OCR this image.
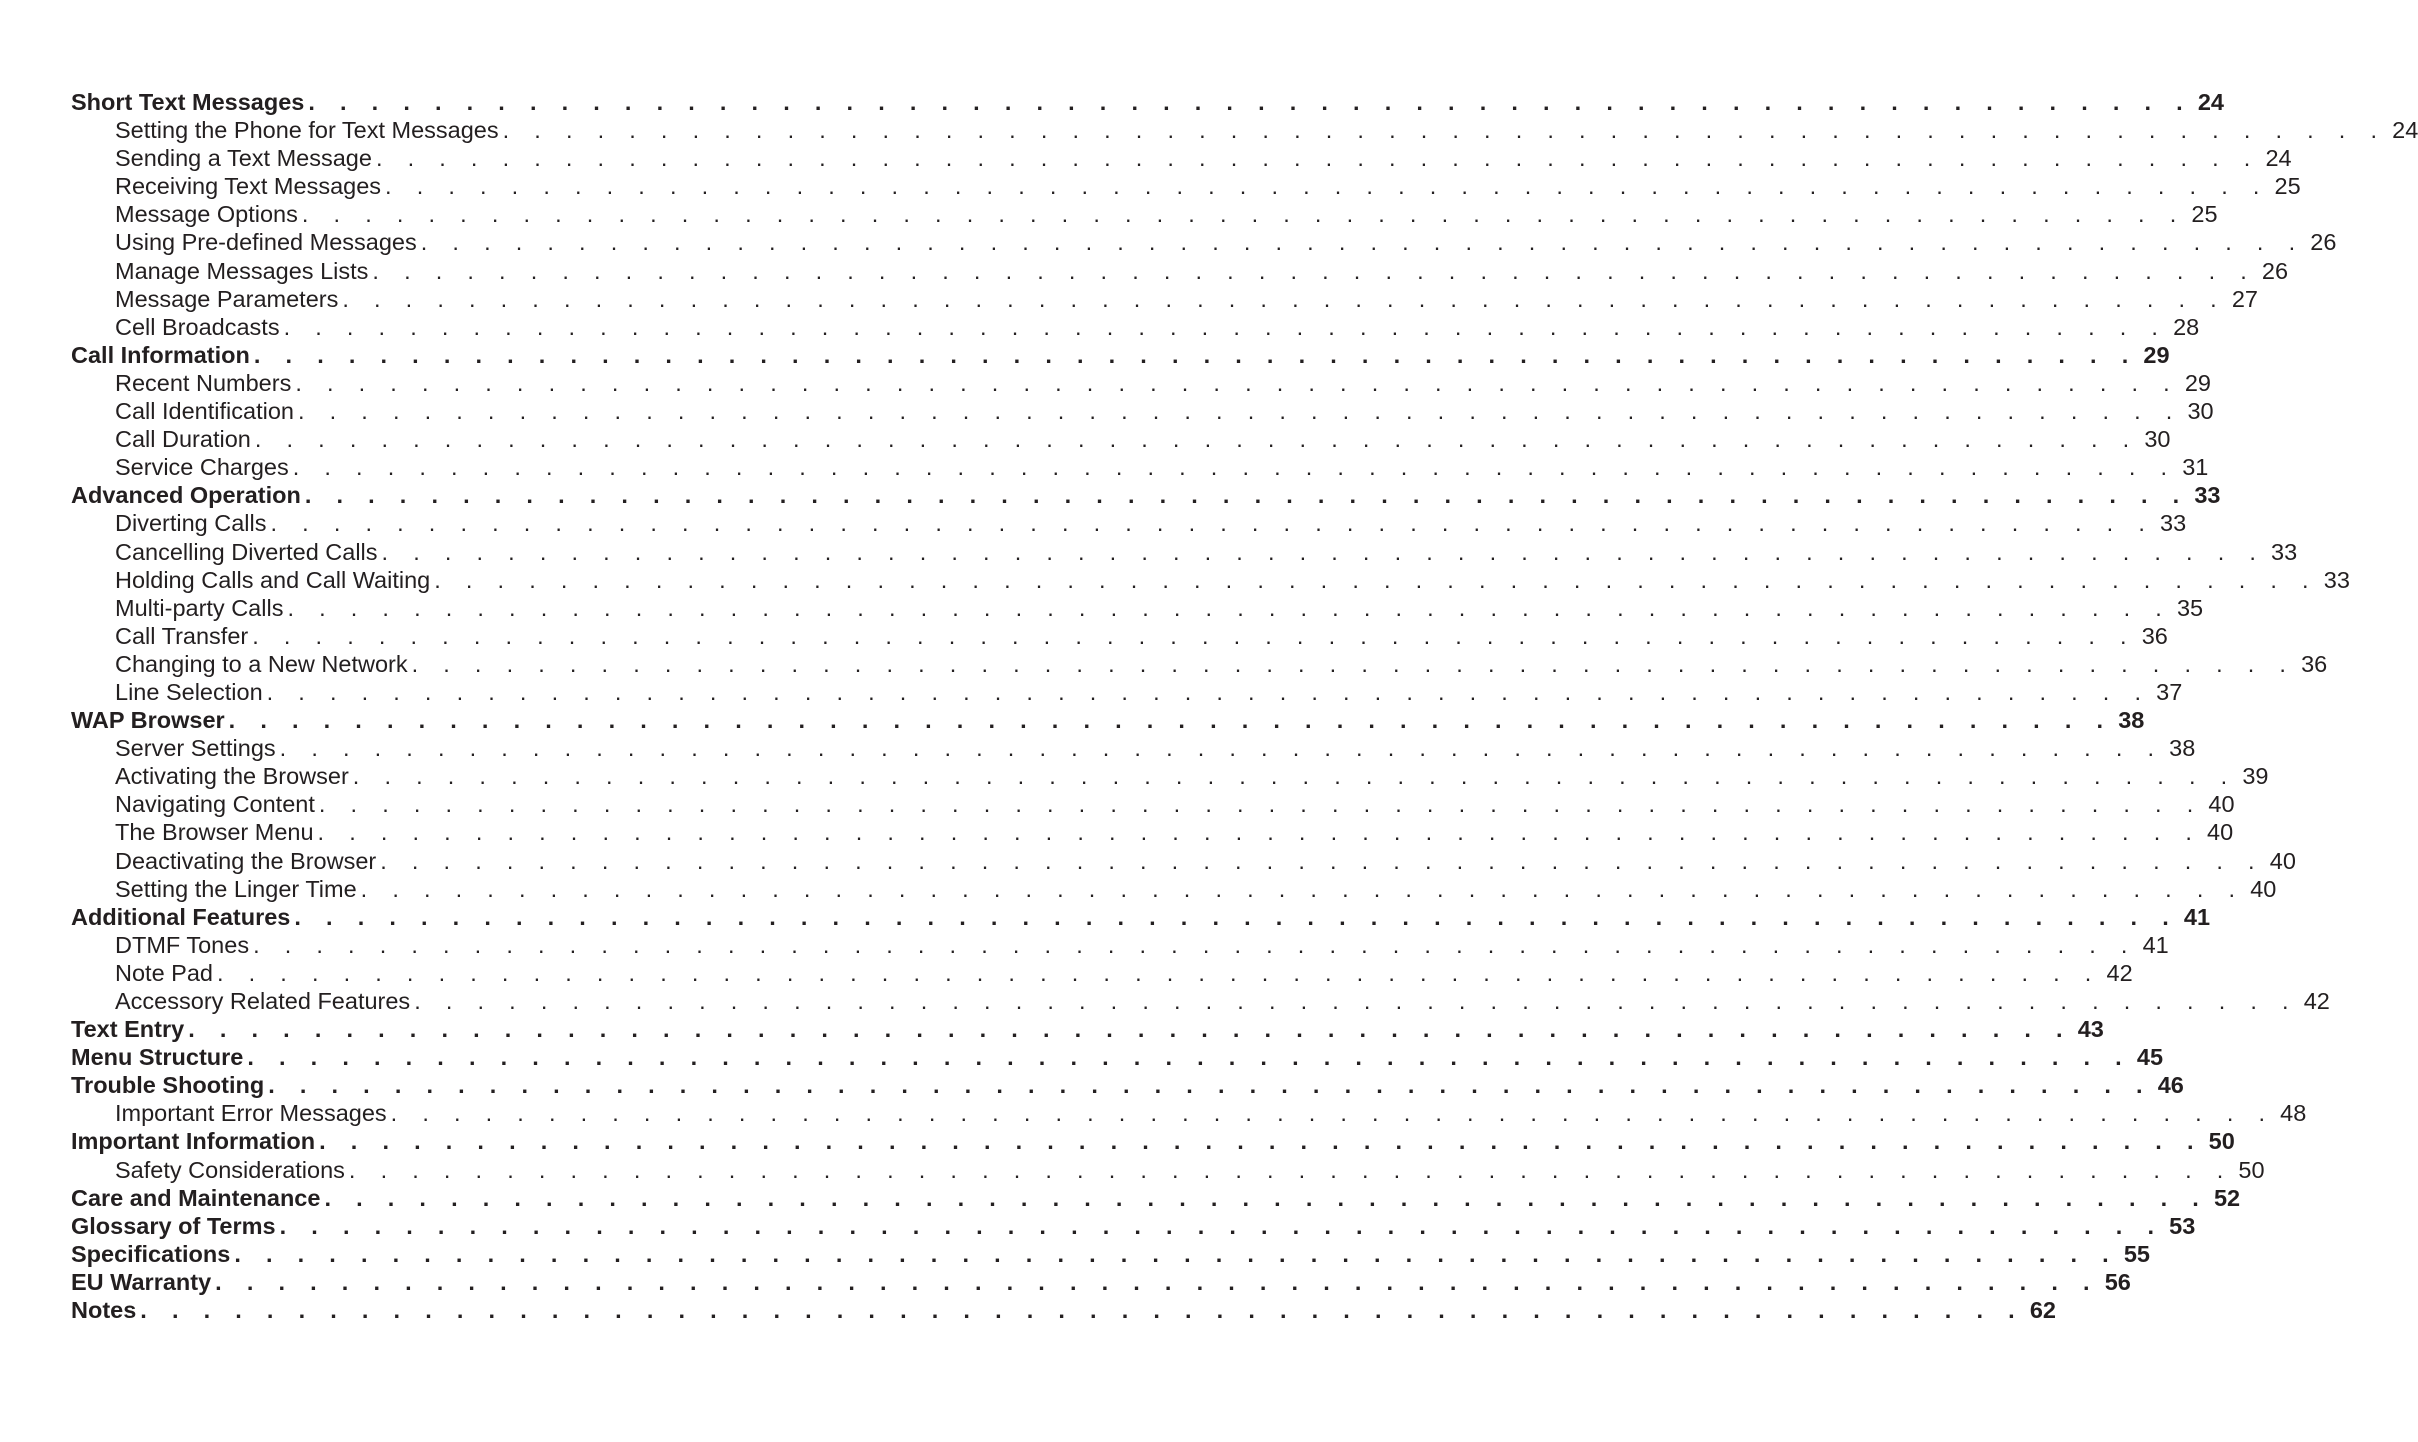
Short Text Messages . . . . . . . . . . . . . . . . . . . . . . . . . . . . . . . . . . . . . . . . . . . . . . . . . . . . . . . . . . . . 24
Setting the Phone for Text Messages . . . . . . . . . . . . . . . . . . . . . . . . . . . . . . . . . . . . . . . . . . . . . . . . . . . . . . . . . . . . 24
Sending a Text Message . . . . . . . . . . . . . . . . . . . . . . . . . . . . . . . . . . . . . . . . . . . . . . . . . . . . . . . . . . . . 24
Receiving Text Messages . . . . . . . . . . . . . . . . . . . . . . . . . . . . . . . . . . . . . . . . . . . . . . . . . . . . . . . . . . . . 25
Message Options . . . . . . . . . . . . . . . . . . . . . . . . . . . . . . . . . . . . . . . . . . . . . . . . . . . . . . . . . . . . 25
Using Pre-defined Messages . . . . . . . . . . . . . . . . . . . . . . . . . . . . . . . . . . . . . . . . . . . . . . . . . . . . . . . . . . . . 26
Manage Messages Lists . . . . . . . . . . . . . . . . . . . . . . . . . . . . . . . . . . . . . . . . . . . . . . . . . . . . . . . . . . . . 26
Message Parameters . . . . . . . . . . . . . . . . . . . . . . . . . . . . . . . . . . . . . . . . . . . . . . . . . . . . . . . . . . . . 27
Cell Broadcasts . . . . . . . . . . . . . . . . . . . . . . . . . . . . . . . . . . . . . . . . . . . . . . . . . . . . . . . . . . . . 28
Call Information . . . . . . . . . . . . . . . . . . . . . . . . . . . . . . . . . . . . . . . . . . . . . . . . . . . . . . . . . . . . 29
Recent Numbers . . . . . . . . . . . . . . . . . . . . . . . . . . . . . . . . . . . . . . . . . . . . . . . . . . . . . . . . . . . . 29
Call Identification . . . . . . . . . . . . . . . . . . . . . . . . . . . . . . . . . . . . . . . . . . . . . . . . . . . . . . . . . . . . 30
Call Duration . . . . . . . . . . . . . . . . . . . . . . . . . . . . . . . . . . . . . . . . . . . . . . . . . . . . . . . . . . . . 30
Service Charges . . . . . . . . . . . . . . . . . . . . . . . . . . . . . . . . . . . . . . . . . . . . . . . . . . . . . . . . . . . . 31
Advanced Operation . . . . . . . . . . . . . . . . . . . . . . . . . . . . . . . . . . . . . . . . . . . . . . . . . . . . . . . . . . . . 33
Diverting Calls . . . . . . . . . . . . . . . . . . . . . . . . . . . . . . . . . . . . . . . . . . . . . . . . . . . . . . . . . . . . 33
Cancelling Diverted Calls . . . . . . . . . . . . . . . . . . . . . . . . . . . . . . . . . . . . . . . . . . . . . . . . . . . . . . . . . . . . 33
Holding Calls and Call Waiting . . . . . . . . . . . . . . . . . . . . . . . . . . . . . . . . . . . . . . . . . . . . . . . . . . . . . . . . . . . . 33
Multi-party Calls . . . . . . . . . . . . . . . . . . . . . . . . . . . . . . . . . . . . . . . . . . . . . . . . . . . . . . . . . . . . 35
Call Transfer . . . . . . . . . . . . . . . . . . . . . . . . . . . . . . . . . . . . . . . . . . . . . . . . . . . . . . . . . . . . 36
Changing to a New Network . . . . . . . . . . . . . . . . . . . . . . . . . . . . . . . . . . . . . . . . . . . . . . . . . . . . . . . . . . . . 36
Line Selection . . . . . . . . . . . . . . . . . . . . . . . . . . . . . . . . . . . . . . . . . . . . . . . . . . . . . . . . . . . . 37
WAP Browser . . . . . . . . . . . . . . . . . . . . . . . . . . . . . . . . . . . . . . . . . . . . . . . . . . . . . . . . . . . . 38
Server Settings . . . . . . . . . . . . . . . . . . . . . . . . . . . . . . . . . . . . . . . . . . . . . . . . . . . . . . . . . . . . 38
Activating the Browser . . . . . . . . . . . . . . . . . . . . . . . . . . . . . . . . . . . . . . . . . . . . . . . . . . . . . . . . . . . . 39
Navigating Content . . . . . . . . . . . . . . . . . . . . . . . . . . . . . . . . . . . . . . . . . . . . . . . . . . . . . . . . . . . . 40
The Browser Menu . . . . . . . . . . . . . . . . . . . . . . . . . . . . . . . . . . . . . . . . . . . . . . . . . . . . . . . . . . . . 40
Deactivating the Browser . . . . . . . . . . . . . . . . . . . . . . . . . . . . . . . . . . . . . . . . . . . . . . . . . . . . . . . . . . . . 40
Setting the Linger Time . . . . . . . . . . . . . . . . . . . . . . . . . . . . . . . . . . . . . . . . . . . . . . . . . . . . . . . . . . . . 40
Additional Features . . . . . . . . . . . . . . . . . . . . . . . . . . . . . . . . . . . . . . . . . . . . . . . . . . . . . . . . . . . . 41
DTMF Tones . . . . . . . . . . . . . . . . . . . . . . . . . . . . . . . . . . . . . . . . . . . . . . . . . . . . . . . . . . . . 41
Note Pad . . . . . . . . . . . . . . . . . . . . . . . . . . . . . . . . . . . . . . . . . . . . . . . . . . . . . . . . . . . . 42
Accessory Related Features . . . . . . . . . . . . . . . . . . . . . . . . . . . . . . . . . . . . . . . . . . . . . . . . . . . . . . . . . . . . 42
Text Entry . . . . . . . . . . . . . . . . . . . . . . . . . . . . . . . . . . . . . . . . . . . . . . . . . . . . . . . . . . . . 43
Menu Structure . . . . . . . . . . . . . . . . . . . . . . . . . . . . . . . . . . . . . . . . . . . . . . . . . . . . . . . . . . . . 45
Trouble Shooting . . . . . . . . . . . . . . . . . . . . . . . . . . . . . . . . . . . . . . . . . . . . . . . . . . . . . . . . . . . . 46
Important Error Messages . . . . . . . . . . . . . . . . . . . . . . . . . . . . . . . . . . . . . . . . . . . . . . . . . . . . . . . . . . . . 48
Important Information . . . . . . . . . . . . . . . . . . . . . . . . . . . . . . . . . . . . . . . . . . . . . . . . . . . . . . . . . . . . 50
Safety Considerations . . . . . . . . . . . . . . . . . . . . . . . . . . . . . . . . . . . . . . . . . . . . . . . . . . . . . . . . . . . . 50
Care and Maintenance . . . . . . . . . . . . . . . . . . . . . . . . . . . . . . . . . . . . . . . . . . . . . . . . . . . . . . . . . . . . 52
Glossary of Terms . . . . . . . . . . . . . . . . . . . . . . . . . . . . . . . . . . . . . . . . . . . . . . . . . . . . . . . . . . . . 53
Specifications . . . . . . . . . . . . . . . . . . . . . . . . . . . . . . . . . . . . . . . . . . . . . . . . . . . . . . . . . . . . 55
EU Warranty . . . . . . . . . . . . . . . . . . . . . . . . . . . . . . . . . . . . . . . . . . . . . . . . . . . . . . . . . . . . 56
Notes . . . . . . . . . . . . . . . . . . . . . . . . . . . . . . . . . . . . . . . . . . . . . . . . . . . . . . . . . . . . 62
